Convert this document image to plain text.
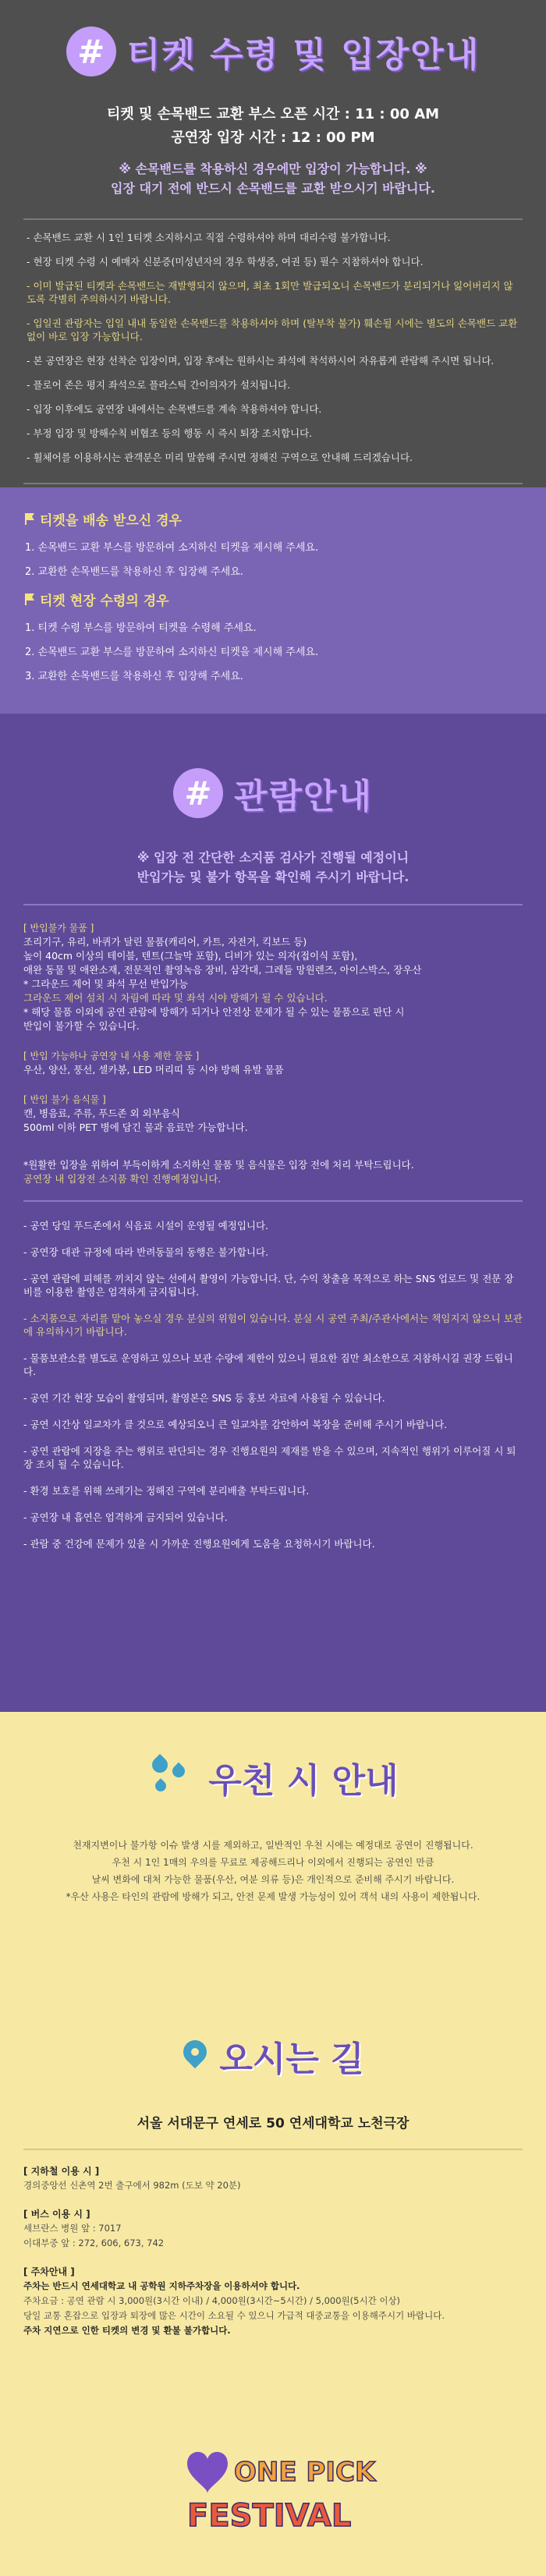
# 티켓 수령 및 입장안내
티켓 및 손목밴드 교환 부스 오픈 시간 : 11 : 00 AM
공연장 입장 시간 : 12 : 00 PM
※ 손목밴드를 착용하신 경우에만 입장이 가능합니다. ※
입장 대기 전에 반드시 손목밴드를 교환 받으시기 바랍니다.
- 손목밴드 교환 시 1인 1티켓 소지하시고 직접 수령하셔야 하며 대리수령 불가합니다.
- 현장 티켓 수령 시 예매자 신분증(미성년자의 경우 학생증, 여권 등) 필수 지참하셔야 합니다.
- 이미 발급된 티켓과 손목밴드는 재발행되지 않으며, 최초 1회만 발급되오니 손목밴드가 분리되거나 잃어버리지 않도록 각별히 주의하시기 바랍니다.
- 입일권 관람자는 입일 내내 동일한 손목밴드를 착용하셔야 하며 (탈부착 불가) 훼손될 시에는 별도의 손목밴드 교환 없이 바로 입장 가능합니다.
- 본 공연장은 현장 선착순 입장이며, 입장 후에는 원하시는 좌석에 착석하시어 자유롭게 관람해 주시면 됩니다.
- 플로어 존은 평지 좌석으로 플라스틱 간이의자가 설치됩니다.
- 입장 이후에도 공연장 내에서는 손목밴드를 계속 착용하셔야 합니다.
- 부정 입장 및 방해수칙 비협조 등의 행동 시 즉시 퇴장 조치합니다.
- 휠체어를 이용하시는 관객분은 미리 말씀해 주시면 정해진 구역으로 안내해 드리겠습니다.
티켓을 배송 받으신 경우
1. 손목밴드 교환 부스를 방문하여 소지하신 티켓을 제시해 주세요.
2. 교환한 손목밴드를 착용하신 후 입장해 주세요.
티켓 현장 수령의 경우
1. 티켓 수령 부스를 방문하여 티켓을 수령해 주세요.
2. 손목밴드 교환 부스를 방문하여 소지하신 티켓을 제시해 주세요.
3. 교환한 손목밴드를 착용하신 후 입장해 주세요.
# 관람안내
※ 입장 전 간단한 소지품 검사가 진행될 예정이니
반입가능 및 불가 항목을 확인해 주시기 바랍니다.
[ 반입불가 물품 ]
조리기구, 유리, 바퀴가 달린 물품(캐리어, 카트, 자전거, 킥보드 등)
높이 40cm 이상의 테이블, 텐트(그늘막 포함), 디비가 있는 의자(접이식 포함),
애완 동물 및 애완소재, 전문적인 촬영녹음 장비, 삼각대, 그레들 망원렌즈, 아이스박스, 장우산
* 그라운드 제어 및 좌석 무선 반입가능
그라운드 제어 설치 시 차림에 따라 및 좌석 시야 방해가 될 수 있습니다.
* 해당 물품 이외에 공연 관람에 방해가 되거나 안전상 문제가 될 수 있는 물품으로 판단 시
반입이 불가할 수 있습니다.
[ 반입 가능하나 공연장 내 사용 제한 물품 ]
우산, 양산, 풍선, 셀카봉, LED 머리띠 등 시야 방해 유발 물품
[ 반입 불가 음식물 ]
캔, 병음료, 주류, 푸드존 외 외부음식
500ml 이하 PET 병에 담긴 물과 음료만 가능합니다.
*원활한 입장을 위하여 부득이하게 소지하신 물품 및 음식물은 입장 전에 처리 부탁드립니다.
공연장 내 입장전 소지품 확인 진행예정입니다.
- 공연 당일 푸드존에서 식음료 시설이 운영될 예정입니다.
- 공연장 대관 규정에 따라 반려동물의 동행은 불가합니다.
- 공연 관람에 피해를 끼치지 않는 선에서 촬영이 가능합니다. 단, 수익 창출을 목적으로 하는 SNS 업로드 및 전문 장비를 이용한 촬영은 엄격하게 금지됩니다.
- 소지품으로 자리를 맡아 놓으실 경우 분실의 위험이 있습니다. 분실 시 공연 주최/주관사에서는 책임지지 않으니 보관에 유의하시기 바랍니다.
- 물품보관소를 별도로 운영하고 있으나 보관 수량에 제한이 있으니 필요한 짐만 최소한으로 지참하시길 권장 드립니다.
- 공연 기간 현장 모습이 촬영되며, 촬영본은 SNS 등 홍보 자료에 사용될 수 있습니다.
- 공연 시간상 일교차가 클 것으로 예상되오니 큰 일교차를 감안하여 복장을 준비해 주시기 바랍니다.
- 공연 관람에 지장을 주는 행위로 판단되는 경우 진행요원의 제재를 받을 수 있으며, 지속적인 행위가 이루어질 시 퇴장 조치 될 수 있습니다.
- 환경 보호를 위해 쓰레기는 정해진 구역에 분리배출 부탁드립니다.
- 공연장 내 흡연은 엄격하게 금지되어 있습니다.
- 관람 중 건강에 문제가 있을 시 가까운 진행요원에게 도움을 요청하시기 바랍니다.
우천 시 안내
천재지변이나 불가항 이슈 발생 시를 제외하고, 일반적인 우천 시에는 예정대로 공연이 진행됩니다.
우천 시 1인 1매의 우의를 무료로 제공해드리나 이외에서 진행되는 공연인 만큼
날씨 변화에 대처 가능한 물품(우산, 여분 의류 등)은 개인적으로 준비해 주시기 바랍니다.
*우산 사용은 타인의 관람에 방해가 되고, 안전 문제 발생 가능성이 있어 객석 내의 사용이 제한됩니다.
오시는 길
서울 서대문구 연세로 50 연세대학교 노천극장
[ 지하철 이용 시 ]
경의중앙선 신촌역 2번 출구에서 982m (도보 약 20분)
[ 버스 이용 시 ]
세브란스 병원 앞 : 7017
이대부중 앞 : 272, 606, 673, 742
[ 주차안내 ]
주차는 반드시 연세대학교 내 공학원 지하주차장을 이용하셔야 합니다.
주차요금 : 공연 관람 시 3,000원(3시간 이내) / 4,000원(3시간~5시간) / 5,000원(5시간 이상)
당일 교통 혼잡으로 입장과 퇴장에 많은 시간이 소요될 수 있으니 가급적 대중교통을 이용해주시기 바랍니다.
주차 지연으로 인한 티켓의 변경 및 환불 불가합니다.
ONE PICK
FESTIVAL
